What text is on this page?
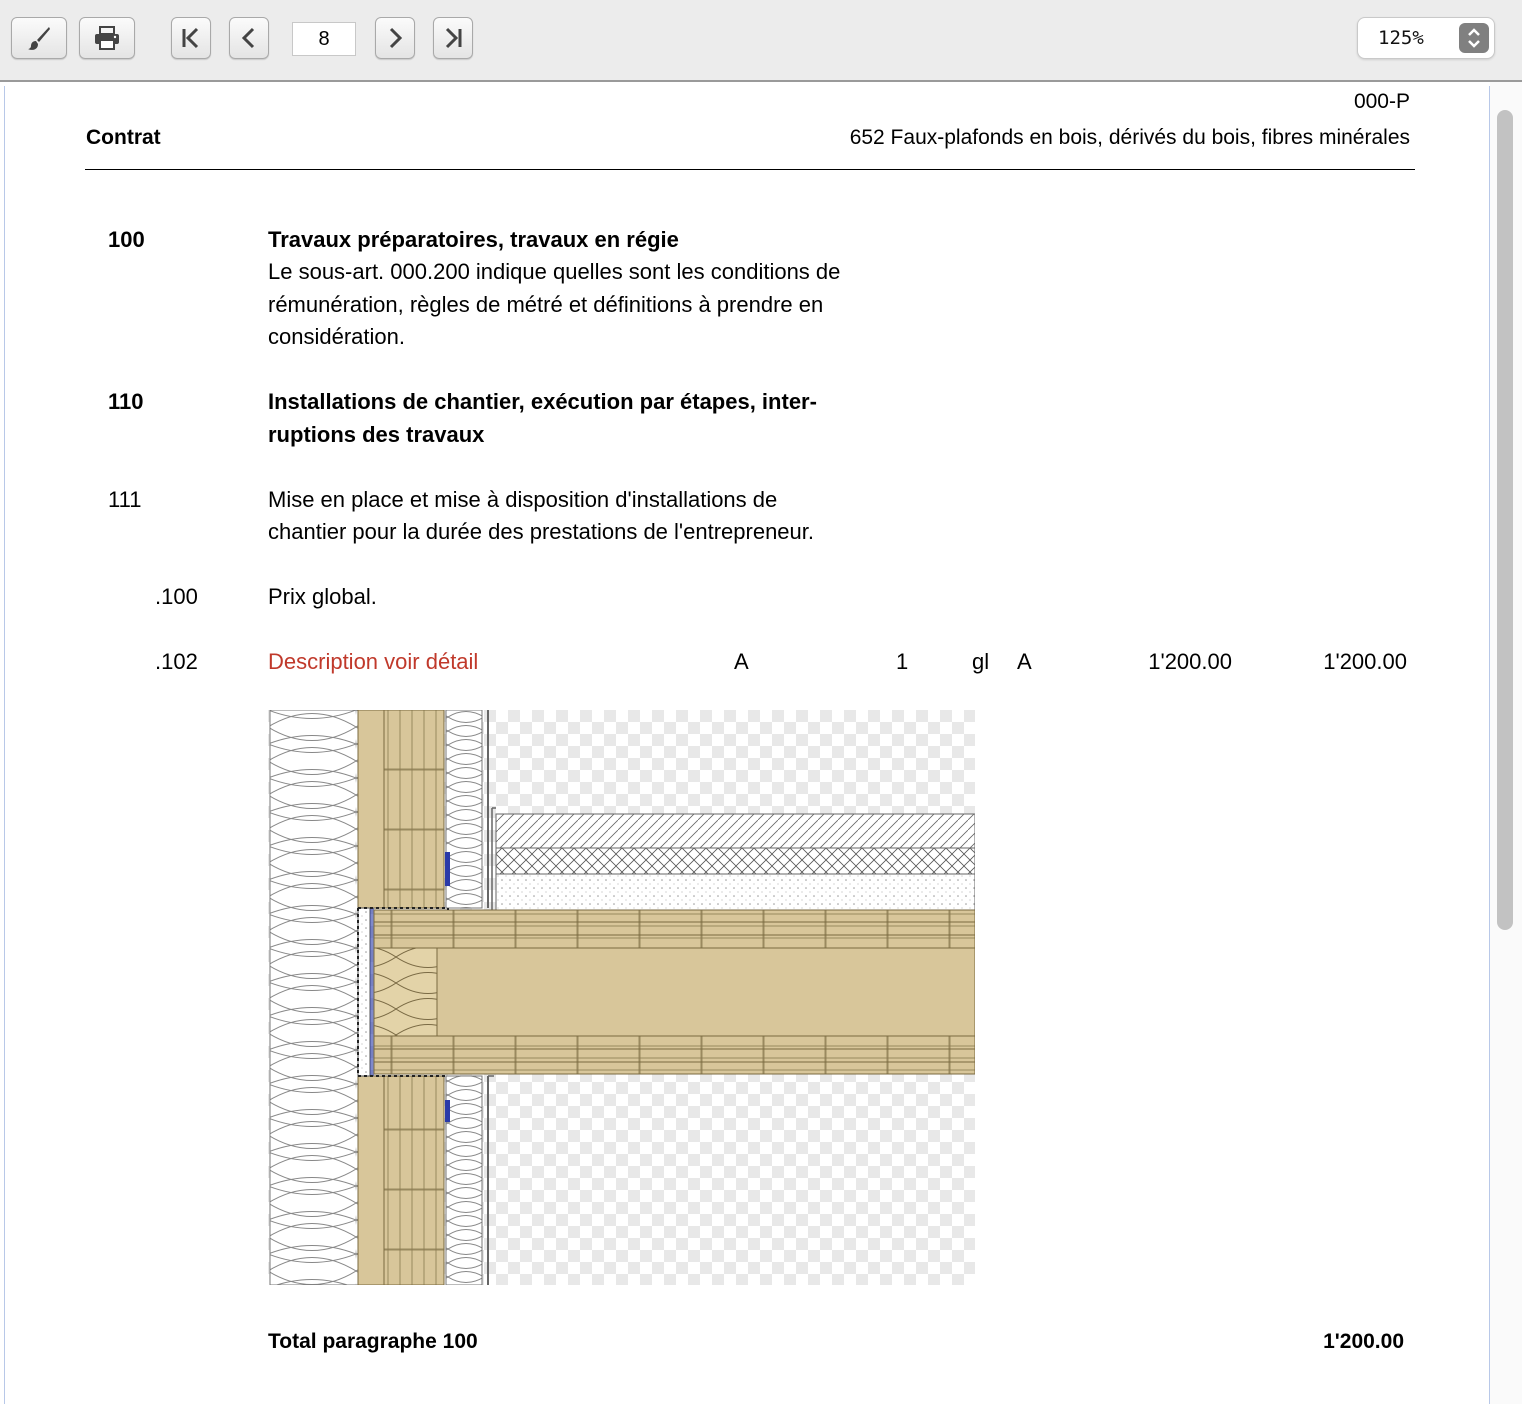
8	125%
000-P
Contrat	652 Faux-plafonds en bois, dérivés du bois, fibres minérales
100	Travaux préparatoires, travaux en régie
Le sous-art. 000.200 indique quelles sont les conditions de
rémunération, règles de métré et définitions à prendre en
considération.
110	Installations de chantier, exécution par étapes, inter-
ruptions des travaux
111	Mise en place et mise à disposition d'installations de
chantier pour la durée des prestations de l'entrepreneur.
.100	Prix global.
.102	Description voir détail	A	1	gl A	1'200.00	1'200.00
Total paragraphe 100	1'200.00
